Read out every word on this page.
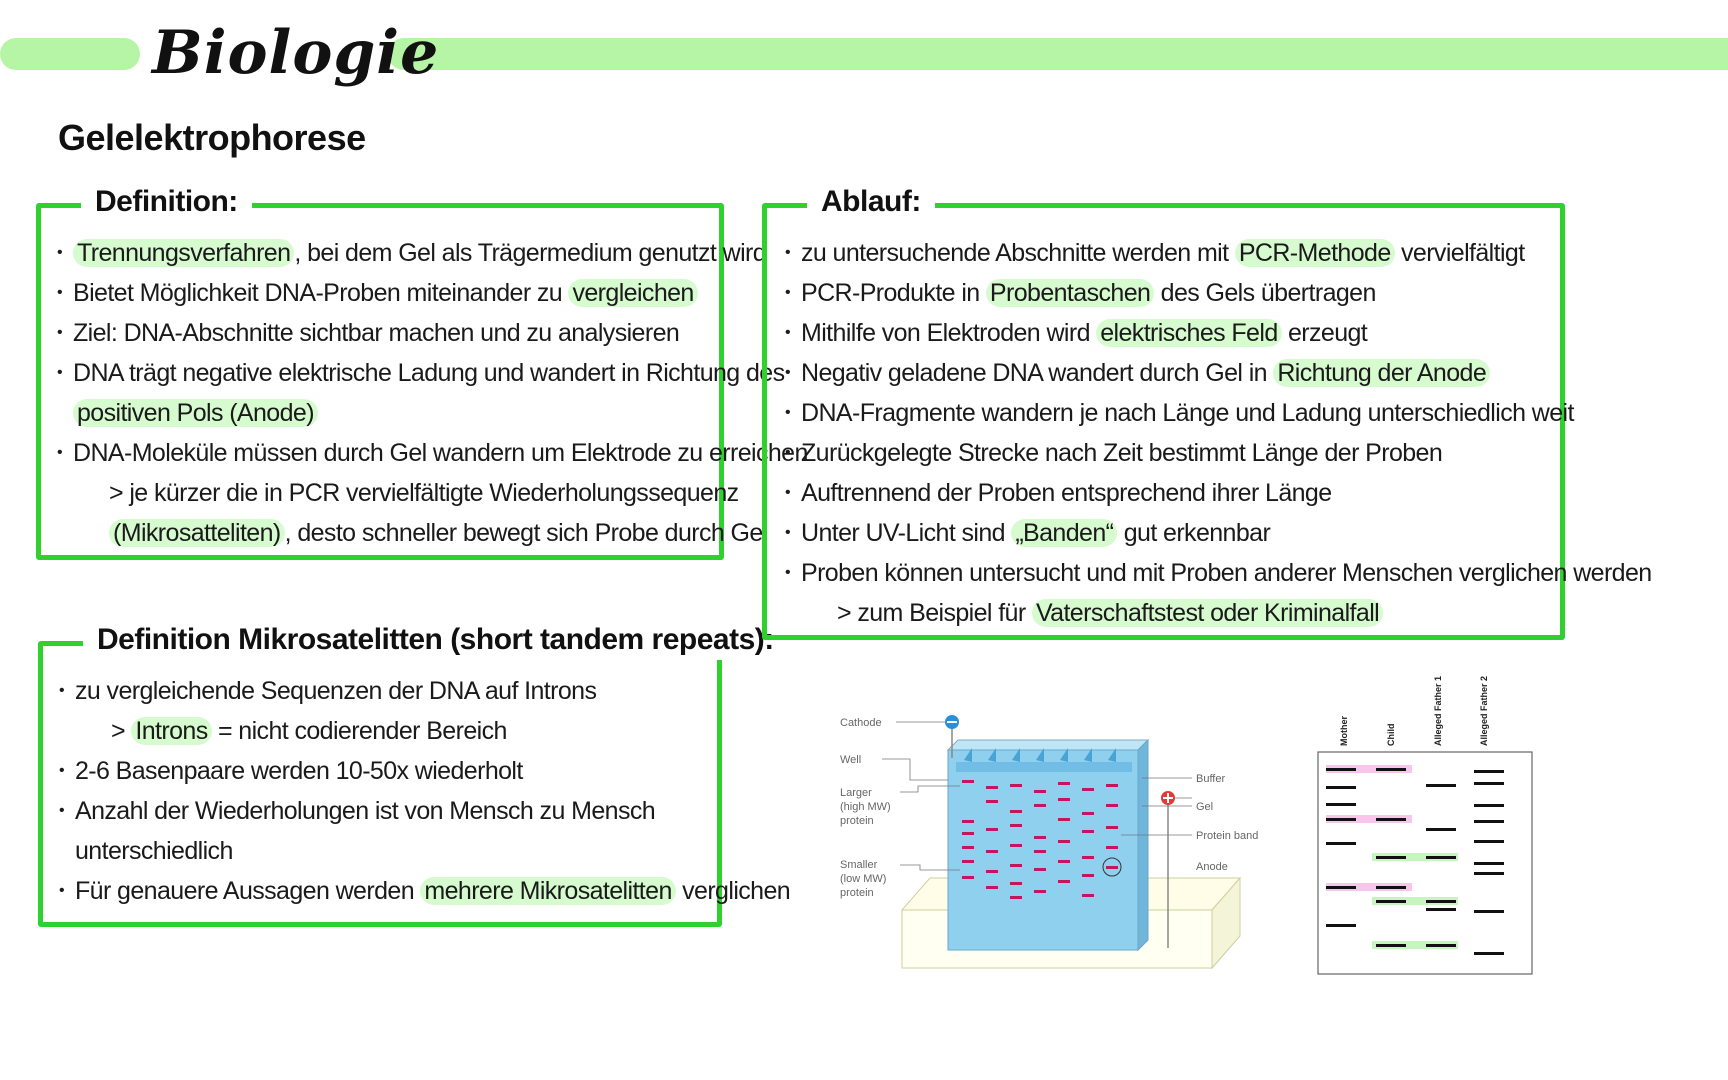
Biologie
Gelelektrophorese
Definition:
• Trennungsverfahren , bei dem Gel als Trägermedium genutzt wird
• Bietet Möglichkeit DNA-Proben miteinander zu vergleichen
• Ziel: DNA-Abschnitte sichtbar machen und zu analysieren
• DNA trägt negative elektrische Ladung und wandert in Richtung des
positiven Pols (Anode)
• DNA-Moleküle müssen durch Gel wandern um Elektrode zu erreichen
> je kürzer die in PCR vervielfältigte Wiederholungssequenz
(Mikrosatteliten) , desto schneller bewegt sich Probe durch Gel
Definition Mikrosatelitten (short tandem repeats):
• zu vergleichende Sequenzen der DNA auf Introns
> Introns = nicht codierender Bereich
• 2-6 Basenpaare werden 10-50x wiederholt
• Anzahl der Wiederholungen ist von Mensch zu Mensch
unterschiedlich
• Für genauere Aussagen werden mehrere Mikrosatelitten verglichen
Ablauf:
• zu untersuchende Abschnitte werden mit PCR-Methode vervielfältigt
• PCR-Produkte in Probentaschen des Gels übertragen
• Mithilfe von Elektroden wird elektrisches Feld erzeugt
• Negativ geladene DNA wandert durch Gel in Richtung der Anode
• DNA-Fragmente wandern je nach Länge und Ladung unterschiedlich weit
• Zurückgelegte Strecke nach Zeit bestimmt Länge der Proben
• Auftrennend der Proben entsprechend ihrer Länge
• Unter UV-Licht sind „Banden“ gut erkennbar
• Proben können untersucht und mit Proben anderer Menschen verglichen werden
> zum Beispiel für Vaterschaftstest oder Kriminalfall
Cathode
Well
Larger
(high MW)
protein
Smaller
(low MW)
protein
Buffer
Gel
Protein band
Anode
Mother	Child	Alleged Father 1	Alleged Father 2
